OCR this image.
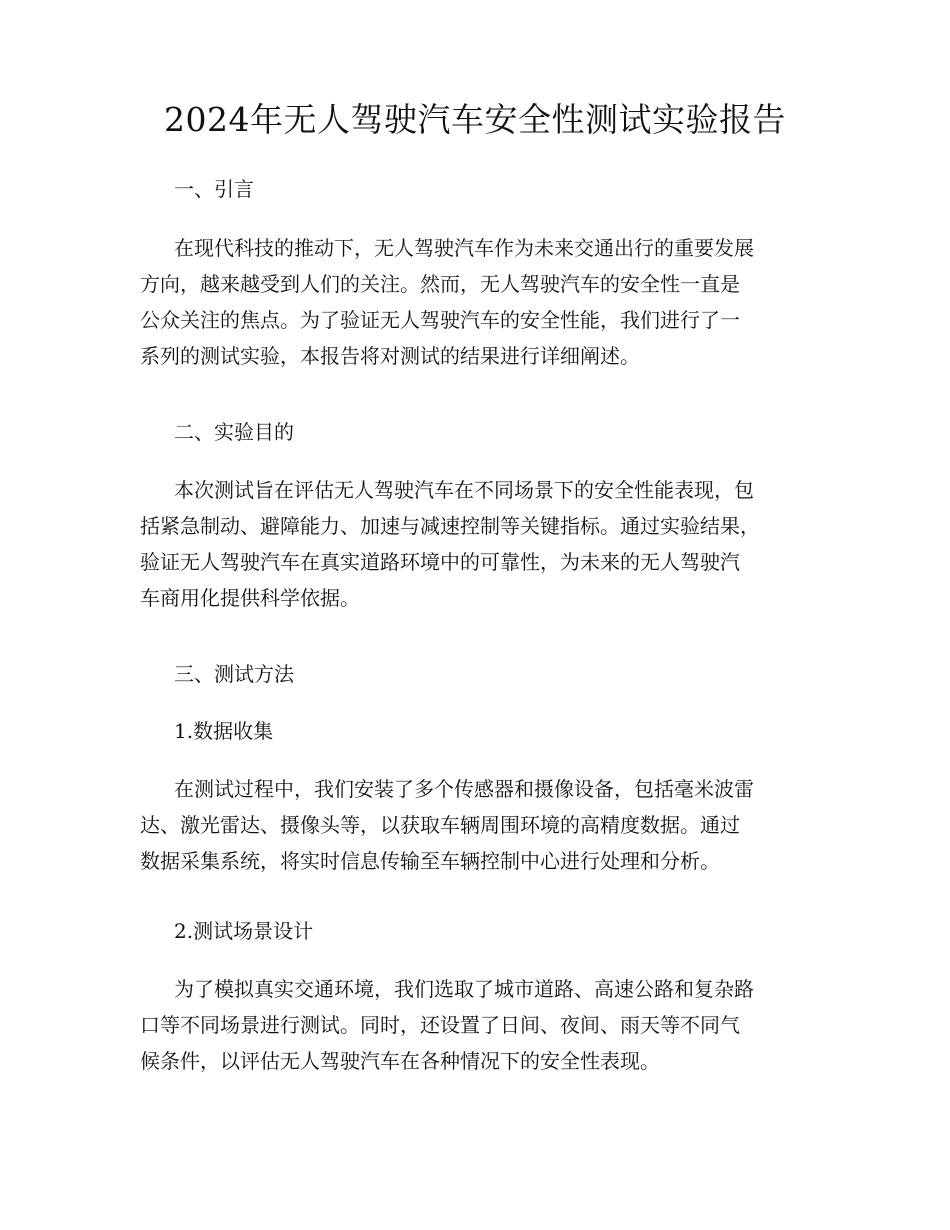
2024年无人驾驶汽车安全性测试实验报告
一、引言
在现代科技的推动下，无人驾驶汽车作为未来交通出行的重要发展
方向，越来越受到人们的关注。然而，无人驾驶汽车的安全性一直是
公众关注的焦点。为了验证无人驾驶汽车的安全性能，我们进行了一
系列的测试实验，本报告将对测试的结果进行详细阐述。
二、实验目的
本次测试旨在评估无人驾驶汽车在不同场景下的安全性能表现，包
括紧急制动、避障能力、加速与减速控制等关键指标。通过实验结果，
验证无人驾驶汽车在真实道路环境中的可靠性，为未来的无人驾驶汽
车商用化提供科学依据。
三、测试方法
1.数据收集
在测试过程中，我们安装了多个传感器和摄像设备，包括毫米波雷
达、激光雷达、摄像头等，以获取车辆周围环境的高精度数据。通过
数据采集系统，将实时信息传输至车辆控制中心进行处理和分析。
2.测试场景设计
为了模拟真实交通环境，我们选取了城市道路、高速公路和复杂路
口等不同场景进行测试。同时，还设置了日间、夜间、雨天等不同气
候条件，以评估无人驾驶汽车在各种情况下的安全性表现。
